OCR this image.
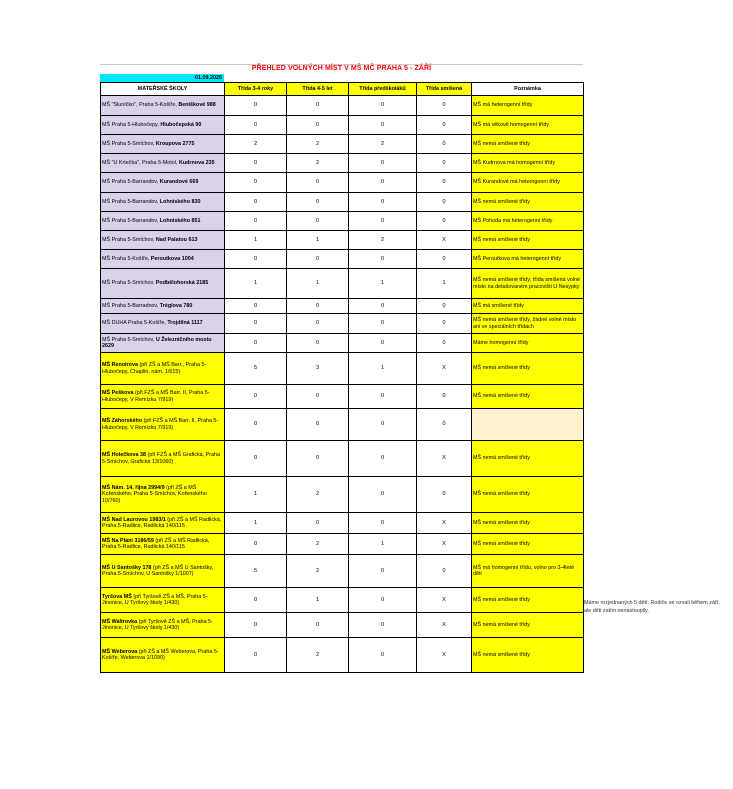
PŘEHLED VOLNÝCH MÍST V MŠ MČ PRAHA 5 - ZÁŘÍ
01.09.2025
MATEŘSKÉ ŠKOLY	Třída 3-4 roky	Třída 4-5 let	Třída předškoláků	Třída smíšená	Poznámka
MŠ "Sluníčko", Praha 5-Košíře, Beníškové 988	0	0	0	0	MŠ má heterogenní třídy
MŠ Praha 5-Hlubočepy, Hlubočepská 90	0	0	0	0	MŠ má věkově homogenní třídy
MŠ Praha 5-Smíchov, Kroupova 2775	2	2	2	0	MŠ nemá smíšené třídy
MŠ "U Krtečka", Praha 5-Motol, Kudrnova 235	0	2	0	0	MŠ Kudrnova má homogenní třídy
MŠ Praha 5-Barrandov, Kurandové 669	0	0	0	0	MŠ Kurandové má heterogenní třídy
MŠ Praha 5-Barrandov, Lohniského 830	0	0	0	0	MŠ nemá smíšené třídy
MŠ Praha 5-Barrandov, Lohniského 851	0	0	0	0	MŠ Pohoda má heterogenní třídy
MŠ Praha 5-Smíchov, Nad Palatou 613	1	1	2	X	MŠ nemá smíšené třídy
MŠ Praha 5-Košíře, Peroutkova 1004	0	0	0	0	MŠ Peroutkova má heterogenní třídy
MŠ Praha 5-Smíchov, Podbělohorská 2185	1	1	1	1	MŠ nemá smíšené třídy; třída smíšená volné místo na detašovaném pracovišti U Nesypky
MŠ Praha 5-Barradnov, Trėglova 780	0	0	0	0	MŠ má smíšené třídy
MŠ DUHA Praha 5-Košíře, Trojdílná 1117	0	0	0	0	MŠ nemá smíšené třídy, žádné volné místo ani ve speciálních třídách
MŠ Praha 5-Smíchov, U Železničního mostu 2629	0	0	0	0	Máme homogenní třídy
MŠ Renoirova (při ZŠ a MŠ Barr., Praha 5-Hlubočepy, Chaplin. nám. 1/615)	5	3	1	X	MŠ nemá smíšené třídy
MŠ Peškova (při FZŠ a MŠ Barr. II, Praha 5-Hlubočepy, V Remízku 7/919)	0	0	0	0	MŠ nemá smíšené třídy
MŠ Záhorského (při FZŠ a MŠ Barr. II, Praha 5-Hlubočepy, V Remízku 7/919)	0	0	0	0	
MŠ Holečkova 38 (při FZŠ a MŠ Grafická, Praha 5-Smíchov, Grafická 13/1060)	0	0	0	X	MŠ nemá smíšené třídy
MŠ Nám. 14. října 2994/9 (při ZŠ a MŠ Kořenského, Praha 5-Smíchov, Kořenského 10/760)	1	2	0	0	MŠ nemá smíšené třídy
MŠ Nad Laurovou 1983/1 (při ZŠ a MŠ Radlická, Praha 5-Radlice, Radlická 140/115	1	0	0	X	MŠ nemá smíšené třídy
MŠ Na Pláni 3186/59 (při ZŠ a MŠ Radlická, Praha 5-Radlice, Radlická 140/115	0	2	1	X	MŠ nemá smíšené třídy
MŠ U Santošky 178 (při ZŠ a MŠ U Santošky, Praha 5-Smíchov, U Santošky 1/1007)	5	2	0	0	MŠ má homogenní třídu, volno pro 3-4leté děti
Tyršova MŠ (při Tyršově ZŠ a MŠ, Praha 5-Jinonice, U Tyršovy školy 1/430)	0	1	0	X	MŠ nemá smíšené třídy
MŠ Waltrovka (při Tyršově ZŠ a MŠ, Praha 5-Jinonice, U Tyršovy školy 1/430)	0	0	0	X	MŠ nemá smíšené třídy
MŠ Weberova (při ZŠ a MŠ Weberova, Praha 5-Košíře, Weberova 1/1090)	0	2	0	X	MŠ nemá smíšené třídy
Máme rozjednaných 5 dětí. Rodiče se ozvali během září, ale děti zatím nenastoupily.
